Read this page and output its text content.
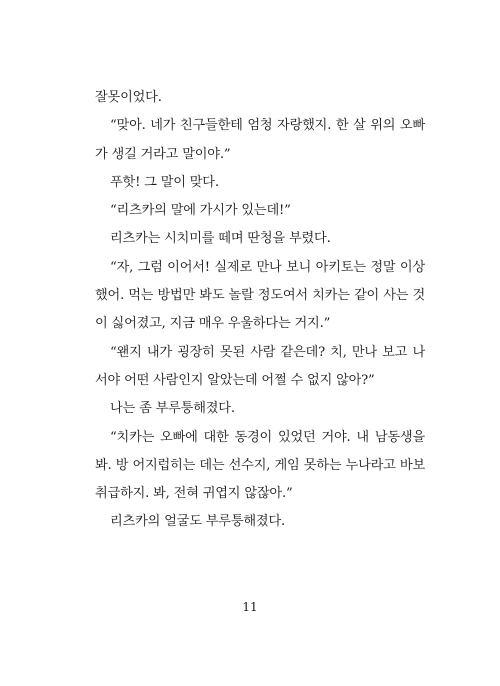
잘못이었다.

“맞아. 네가 친구들한테 엄청 자랑했지. 한 살 위의 오빠가 생길 거라고 말이야.”

푸핫! 그 말이 맞다.

“리츠카의 말에 가시가 있는데!”

리츠카는 시치미를 떼며 딴청을 부렸다.

“자, 그럼 이어서! 실제로 만나 보니 아키토는 정말 이상했어. 먹는 방법만 봐도 놀랄 정도여서 치카는 같이 사는 것이 싫어졌고, 지금 매우 우울하다는 거지.”

“왠지 내가 굉장히 못된 사람 같은데? 치, 만나 보고 나서야 어떤 사람인지 알았는데 어쩔 수 없지 않아?”

나는 좀 부루퉁해졌다.

“치카는 오빠에 대한 동경이 있었던 거야. 내 남동생을 봐. 방 어지럽히는 데는 선수지, 게임 못하는 누나라고 바보 취급하지. 봐, 전혀 귀엽지 않잖아.”

리츠카의 얼굴도 부루퉁해졌다.

11
